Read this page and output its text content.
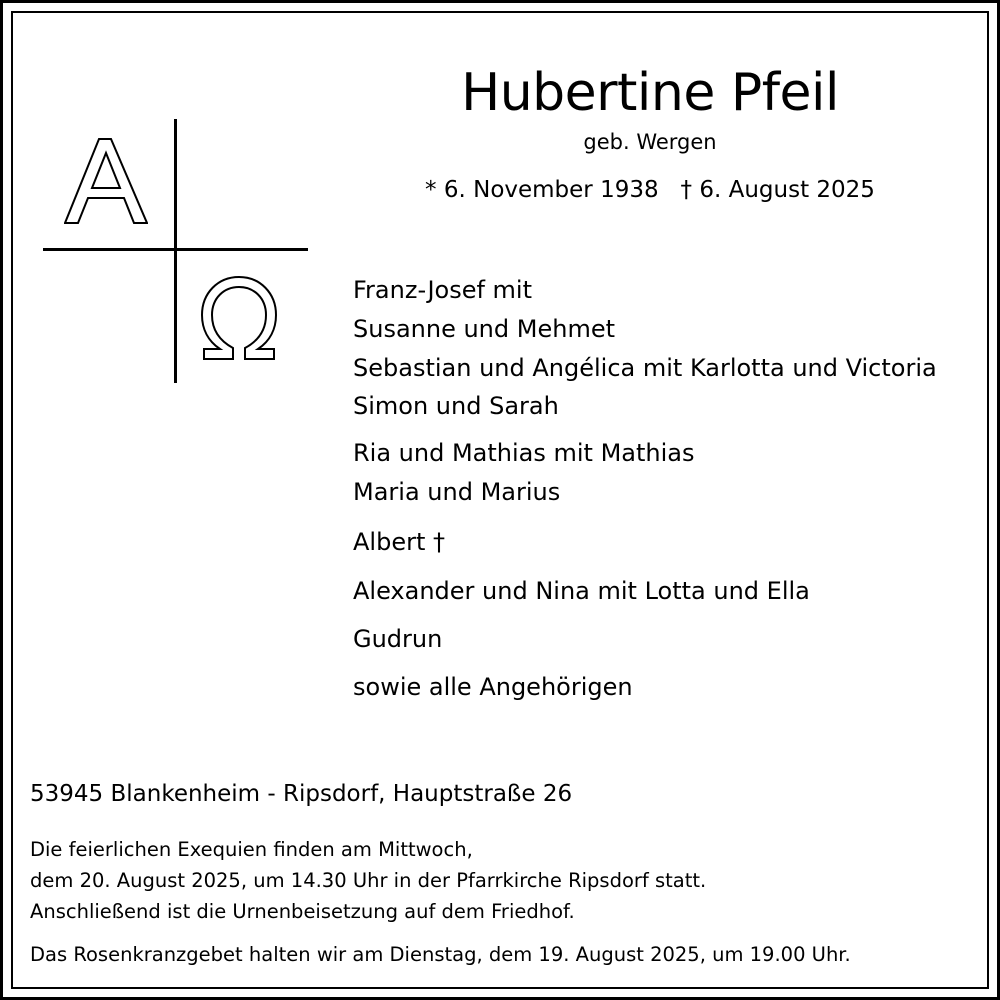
Hubertine Pfeil
geb. Wergen
* 6. November 1938   † 6. August 2025
Franz-Josef mit
Susanne und Mehmet
Sebastian und Angélica mit Karlotta und Victoria
Simon und Sarah
Ria und Mathias mit Mathias
Maria und Marius
Albert †
Alexander und Nina mit Lotta und Ella
Gudrun
sowie alle Angehörigen
53945 Blankenheim - Ripsdorf, Hauptstraße 26
Die feierlichen Exequien finden am Mittwoch,
dem 20. August 2025, um 14.30 Uhr in der Pfarrkirche Ripsdorf statt.
Anschließend ist die Urnenbeisetzung auf dem Friedhof.
Das Rosenkranzgebet halten wir am Dienstag, dem 19. August 2025, um 19.00 Uhr.
